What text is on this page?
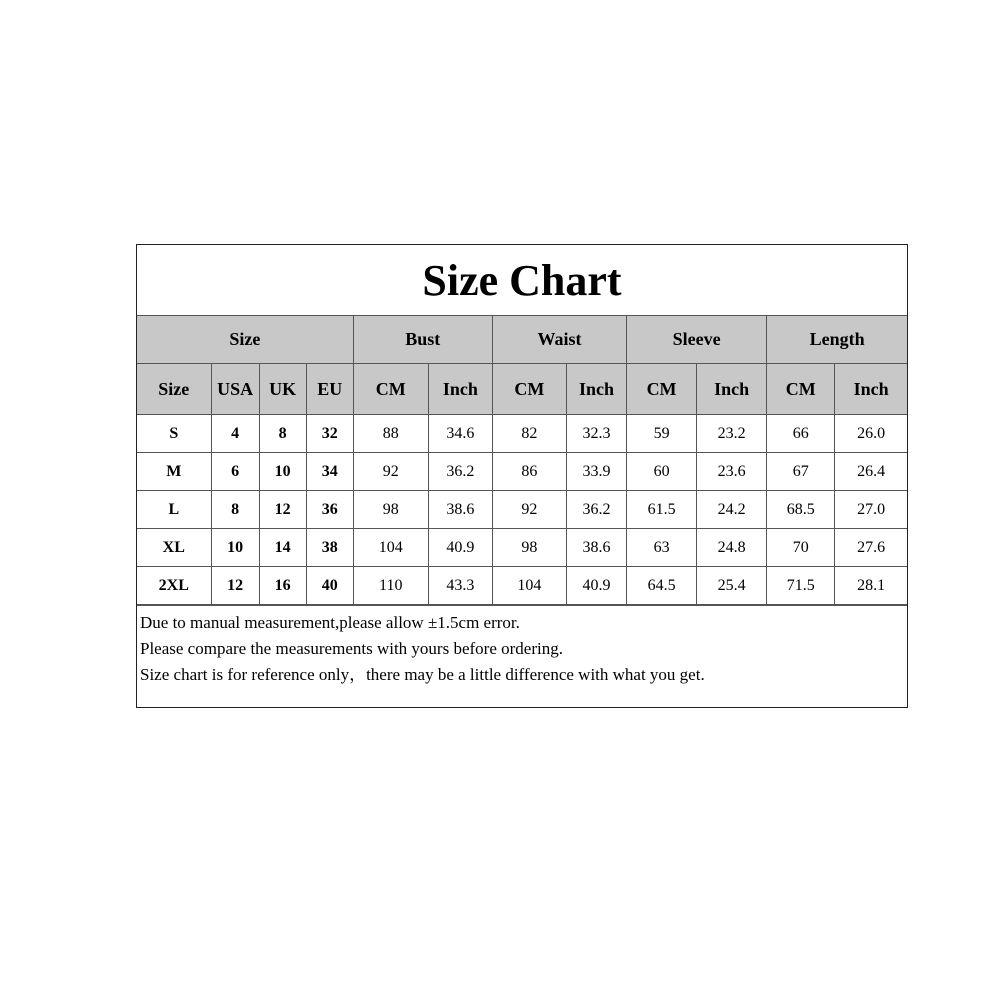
Size Chart
Size				Bust		Waist		Sleeve		Length	
Size	USA	UK	EU	CM	Inch	CM	Inch	CM	Inch	CM	Inch
S	4	8	32	88	34.6	82	32.3	59	23.2	66	26.0
M	6	10	34	92	36.2	86	33.9	60	23.6	67	26.4
L	8	12	36	98	38.6	92	36.2	61.5	24.2	68.5	27.0
XL	10	14	38	104	40.9	98	38.6	63	24.8	70	27.6
2XL	12	16	40	110	43.3	104	40.9	64.5	25.4	71.5	28.1
Due to manual measurement,please allow ±1.5cm error.
Please compare the measurements with yours before ordering.
Size chart is for reference only，there may be a little difference with what you get.
